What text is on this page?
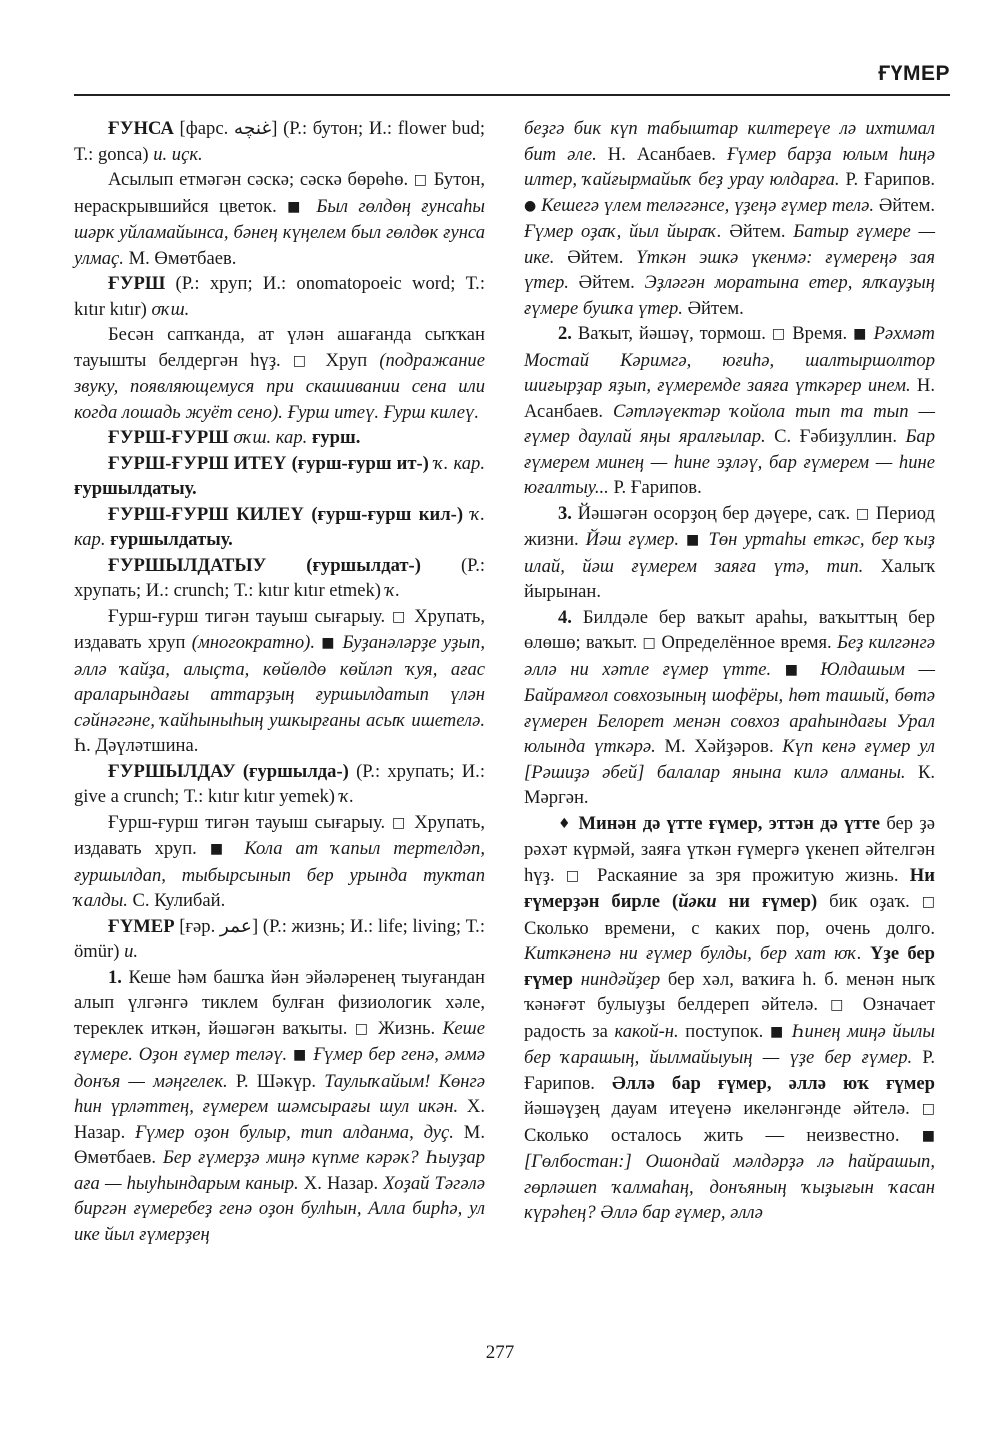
ҒҮМЕР

ҒУНСА [фарс. غنچه] (Р.: бутон; И.: flower bud; Т.: gonca) и. иҫк.

Асылып етмәгән сәскә; сәскә бөрөһө. □ Бутон, нераскрывшийся цветок. ■ Был гөлдөң ғунсаһы шәрк уйламайынса, бәнең күңелем был гөлдөк ғунса улмаҫ. М. Өмөтбаев.

ҒУРШ (Р.: хруп; И.: onomatopoeic word; Т.: kıtır kıtır) оҡш.

Бесән сапҡанда, ат үлән ашағанда сыҡҡан тауышты белдергән һүҙ. □ Хруп (подражание звуку, появляющемуся при скашивании сена или когда лошадь жуёт сено). Ғурш итеү. Ғурш килеү.

ҒУРШ-ҒУРШ оҡш. кар. ғурш.

ҒУРШ-ҒУРШ ИТЕҮ (ғурш-ғурш ит-) ҡ. кар. ғуршылдатыу.

ҒУРШ-ҒУРШ КИЛЕҮ (ғурш-ғурш кил-) ҡ. кар. ғуршылдатыу.

ҒУРШЫЛДАТЫУ (ғуршылдат-) (Р.: хрупать; И.: crunch; Т.: kıtır kıtır etmek) ҡ.

Ғурш-ғурш тигән тауыш сығарыу. □ Хрупать, издавать хруп (многократно). ■ Буҙанәләрҙе уҙып, әллә ҡайҙа, алыҫта, көйөлдө көйләп ҡуя, ағас араларындағы аттарҙың ғуршылдатып үлән сәйнәгәне, ҡайһыныһың ушкырғаны асыҡ ишетелә. Һ. Дәүләтшина.

ҒУРШЫЛДАУ (ғуршылда-) (Р.: хрупать; И.: give a crunch; Т.: kıtır kıtır yemek) ҡ.

Ғурш-ғурш тигән тауыш сығарыу. □ Хрупать, издавать хруп. ■ Кола ат ҡапыл тертелдәп, ғуршылдап, тыбырсынып бер урында туктап ҡалды. С. Кулибай.

ҒҮМЕР [ғәр. عمر] (Р.: жизнь; И.: life; living; Т.: ömür) и.

1. Кеше һәм башҡа йән эйәләренең тыуғандан алып үлгәнгә тиклем булған физиологик хәле, тереклек иткән, йәшәгән ваҡыты. □ Жизнь. Кеше ғүмере. Оҙон ғүмер теләү. ■ Ғүмер бер генә, әммә донъя — мәңгелек. Р. Шәкүр. Таулыҡайым! Көнгә һин үрләттең, ғүмерем шәмсырағы шул икән. Х. Назар. Ғүмер оҙон булыр, тип алданма, дуҫ. М. Өмөтбаев. Бер ғүмерҙә миңә күпме кәрәк? Һыуҙар ағa — һыуһындарым каныр. Х. Назар. Хоҙай Тәгәлә биргән ғүмеребеҙ генә оҙон булһын, Алла бирһә, ул ике йыл ғүмерҙең

беҙгә бик күп табыштар килтереүе лә ихтимал бит әле. Н. Асанбаев. Ғүмер барҙа юлым һиңә илтер, ҡайғырмайыҡ беҙ урау юлдарға. Р. Ғарипов. ● Кешегә үлем теләгәнсе, үҙеңә ғүмер телә. Әйтем. Ғүмер оҙаҡ, йыл йыраҡ. Әйтем. Батыр ғүмере — ике. Әйтем. Үткән эшкә үкенмә: ғүмереңә зая үтер. Әйтем. Эҙләгән моратына етер, ялҡауҙың ғүмере бушҡа үтер. Әйтем.

2. Ваҡыт, йәшәү, тормош. □ Время. ■ Рәхмәт Мостай Кәримгә, юғиһә, шалтыршолтор шиғырҙар яҙып, ғүмеремде заяға үткәрер инем. Н. Асанбаев. Сәтләүектәр ҡойола тып та тып — ғүмер даулай яңы яралғылар. С. Ғәбиҙуллин. Бар ғүмерем минең — һине эҙләү, бар ғүмерем — һине юғалтыу... Р. Ғарипов.

3. Йәшәгән осорҙоң бер дәүере, саҡ. □ Период жизни. Йәш ғүмер. ■ Төн уртаһы еткәс, бер ҡыҙ илай, йәш ғүмерем заяға үтә, тип. Халыҡ йырынан.

4. Билдәле бер ваҡыт араһы, ваҡыттың бер өлөшө; ваҡыт. □ Определённое время. Беҙ килгәнгә әллә ни хәтле ғүмер үтте. ■ Юлдашым — Байрамғол совхозының шофёры, һөт ташый, бөтә ғүмерен Белорет менән совхоз араһындағы Урал юлында үткәрә. М. Хәйҙәров. Күп кенә ғүмер ул [Рәшиҙә әбей] балалар янына килә алманы. К. Мәргән.

♦ Минән дә үтте ғүмер, эттән дә үтте бер ҙә рәхәт күрмәй, заяға үткән ғүмергә үкенеп әйтелгән һүҙ. □ Раскаяние за зря прожитую жизнь. Ни ғүмерҙән бирле (йәки ни ғүмер) бик оҙаҡ. □ Сколько времени, с каких пор, очень долго. Киткәненә ни ғүмер булды, бер хат юҡ. Үҙе бер ғүмер ниндәйҙер бер хәл, ваҡиға һ. б. менән ныҡ ҡәнәғәт булыуҙы белдереп әйтелә. □ Означает радость за какой-н. поступок. ■ Һинең миңә йылы бер ҡарашың, йылмайыуың — үҙе бер ғүмер. Р. Ғарипов. Әллә бар ғүмер, әллә юҡ ғүмер йәшәүҙең дауам итеүенә икеләнгәнде әйтелә. □ Сколько осталось жить — неизвестно. ■ [Гөлбостан:] Ошондай мәлдәрҙә лә һайрашып, гөрләшеп ҡалмаһаң, донъяның ҡыҙығын ҡасан күрәһең? Әллә бар ғүмер, әллә

277
